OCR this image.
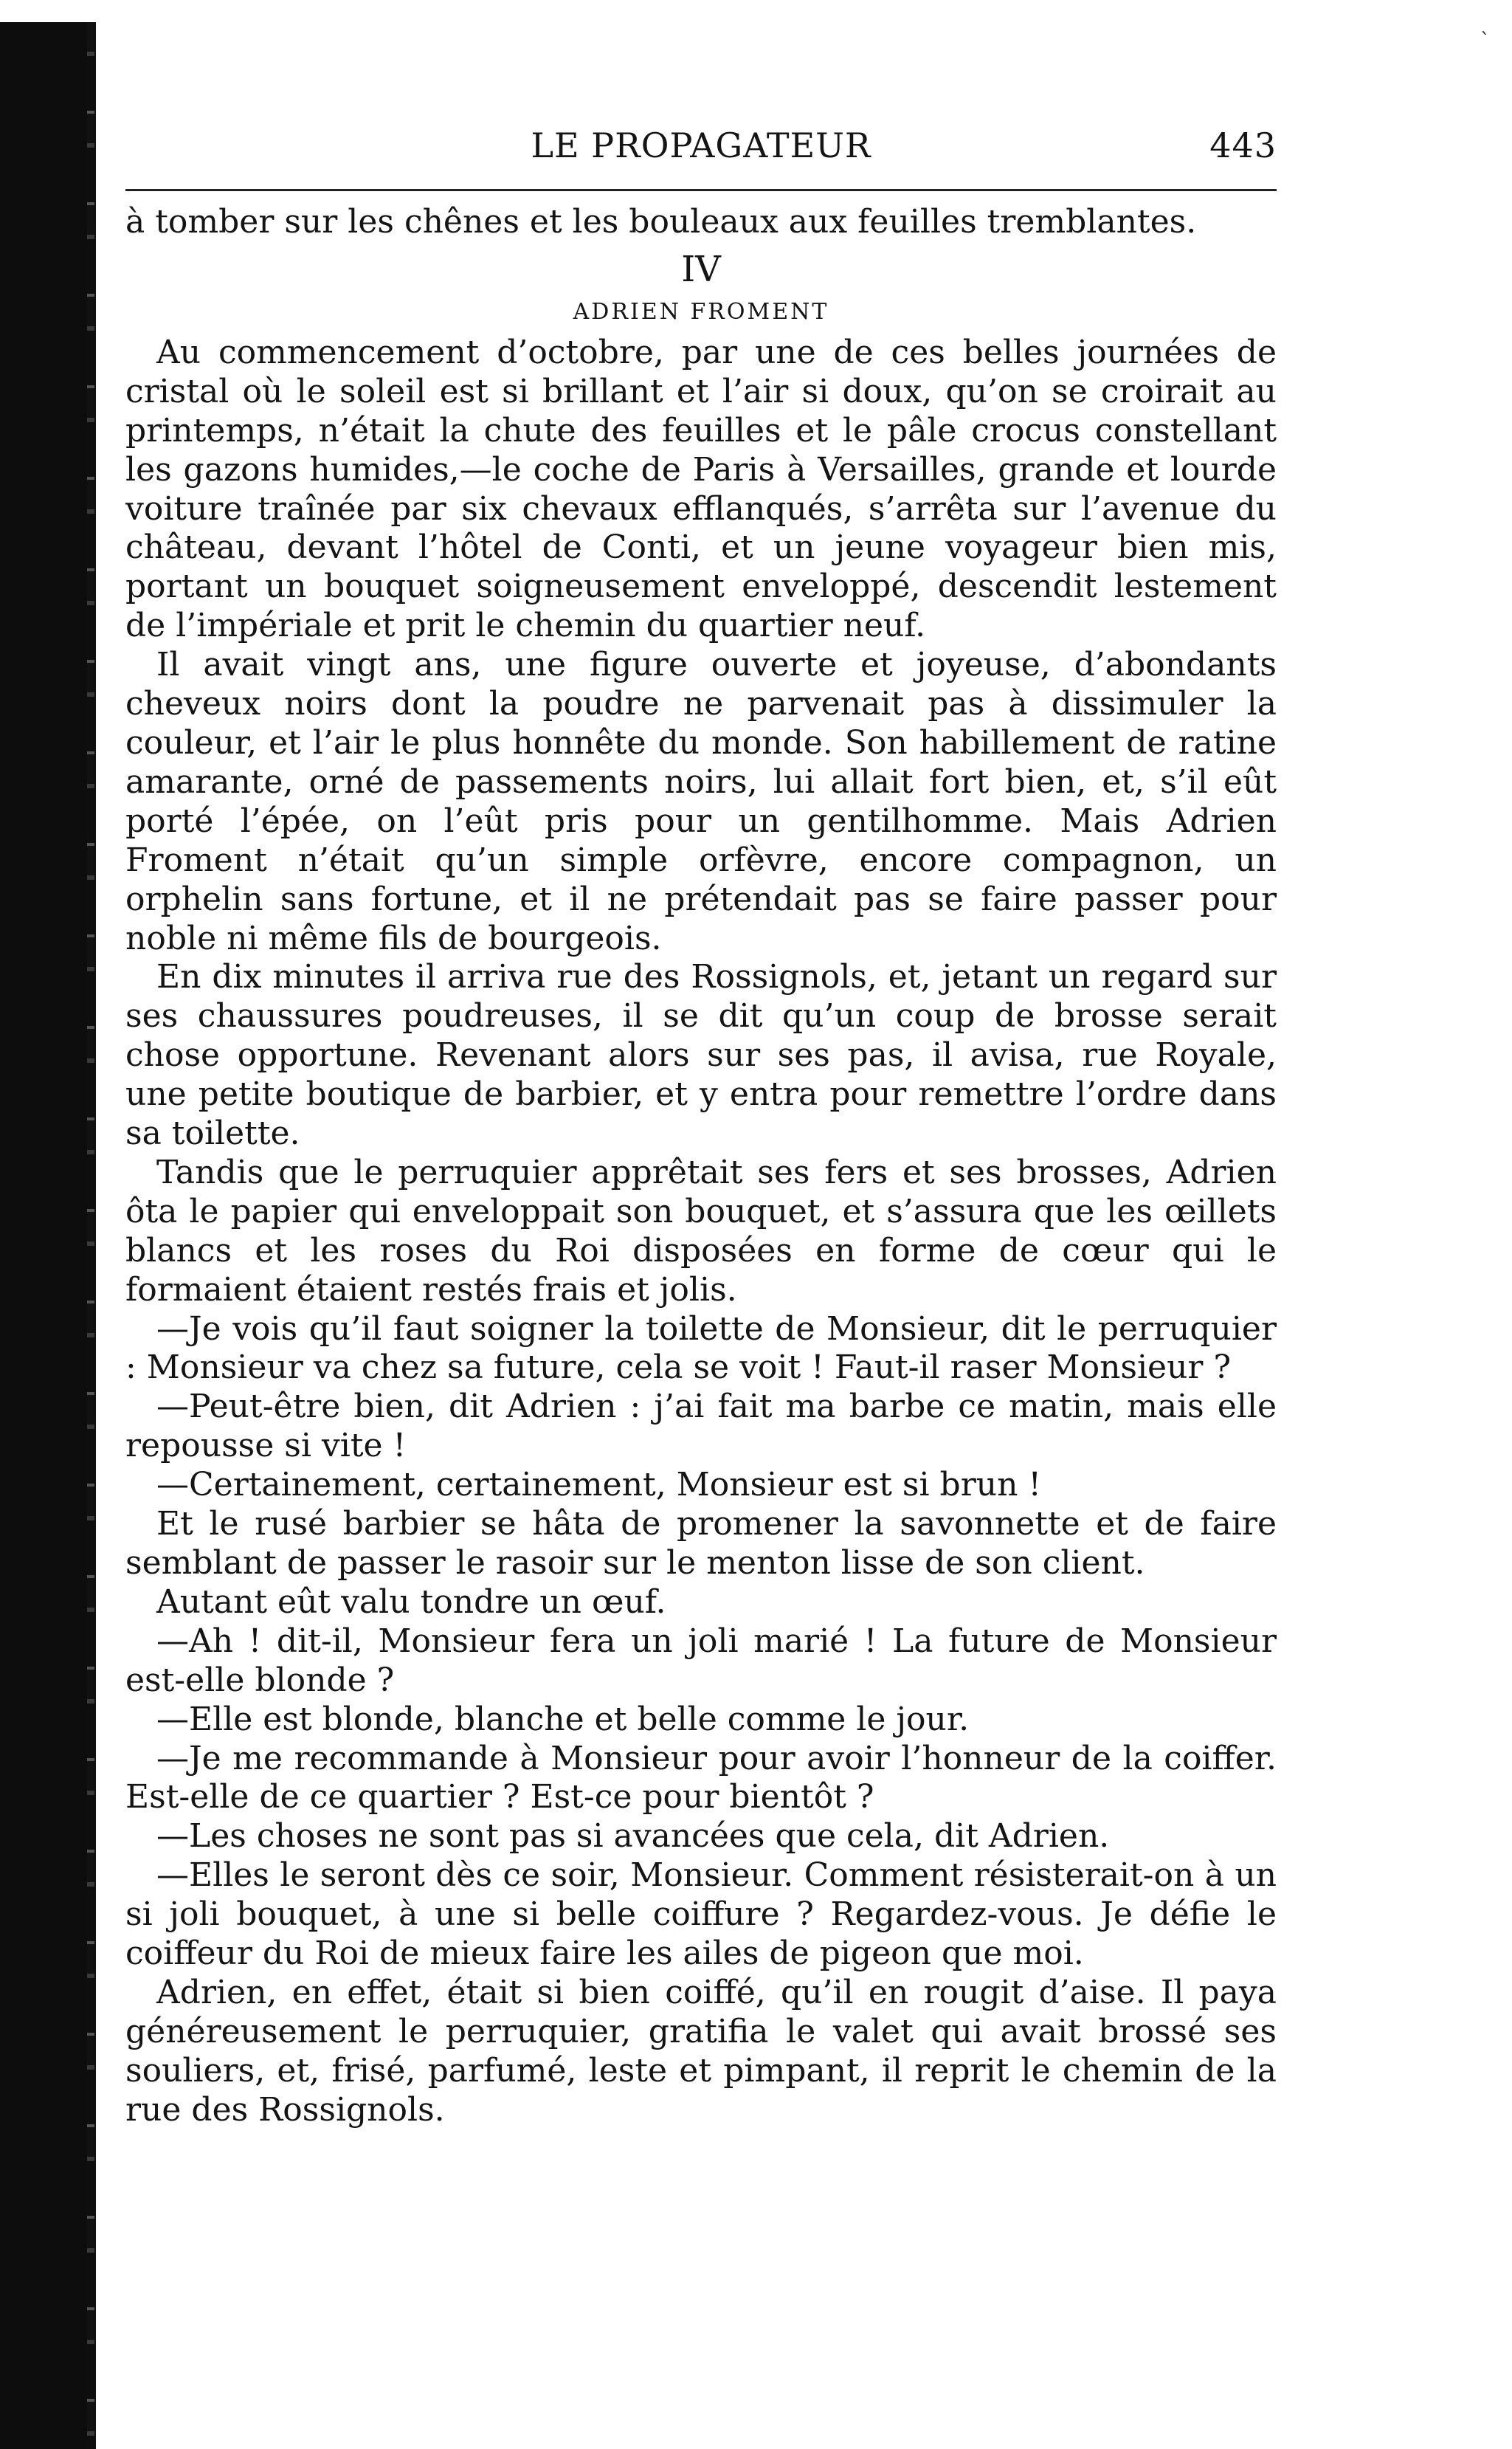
ˋ
LE PROPAGATEUR	443

à tomber sur les chênes et les bouleaux aux feuilles tremblantes.

IV
ADRIEN FROMENT

Au commencement d’octobre, par une de ces belles journées de cristal où le soleil est si brillant et l’air si doux, qu’on se croirait au printemps, n’était la chute des feuilles et le pâle crocus constellant les gazons humides,—le coche de Paris à Versailles, grande et lourde voiture traînée par six chevaux efflanqués, s’arrêta sur l’avenue du château, devant l’hôtel de Conti, et un jeune voyageur bien mis, portant un bouquet soigneusement enveloppé, descendit lestement de l’impériale et prit le chemin du quartier neuf.

Il avait vingt ans, une figure ouverte et joyeuse, d’abondants cheveux noirs dont la poudre ne parvenait pas à dissimuler la couleur, et l’air le plus honnête du monde. Son habillement de ratine amarante, orné de passements noirs, lui allait fort bien, et, s’il eût porté l’épée, on l’eût pris pour un gentilhomme. Mais Adrien Froment n’était qu’un simple orfèvre, encore compagnon, un orphelin sans fortune, et il ne prétendait pas se faire passer pour noble ni même fils de bourgeois.

En dix minutes il arriva rue des Rossignols, et, jetant un regard sur ses chaussures poudreuses, il se dit qu’un coup de brosse serait chose opportune. Revenant alors sur ses pas, il avisa, rue Royale, une petite boutique de barbier, et y entra pour remettre l’ordre dans sa toilette.

Tandis que le perruquier apprêtait ses fers et ses brosses, Adrien ôta le papier qui enveloppait son bouquet, et s’assura que les œillets blancs et les roses du Roi disposées en forme de cœur qui le formaient étaient restés frais et jolis.

—Je vois qu’il faut soigner la toilette de Monsieur, dit le perruquier : Monsieur va chez sa future, cela se voit ! Faut-il raser Monsieur ?

—Peut-être bien, dit Adrien : j’ai fait ma barbe ce matin, mais elle repousse si vite !

—Certainement, certainement, Monsieur est si brun !

Et le rusé barbier se hâta de promener la savonnette et de faire semblant de passer le rasoir sur le menton lisse de son client.

Autant eût valu tondre un œuf.

—Ah ! dit-il, Monsieur fera un joli marié ! La future de Monsieur est-elle blonde ?

—Elle est blonde, blanche et belle comme le jour.

—Je me recommande à Monsieur pour avoir l’honneur de la coiffer. Est-elle de ce quartier ? Est-ce pour bientôt ?

—Les choses ne sont pas si avancées que cela, dit Adrien.

—Elles le seront dès ce soir, Monsieur. Comment résisterait-on à un si joli bouquet, à une si belle coiffure ? Regardez-vous. Je défie le coiffeur du Roi de mieux faire les ailes de pigeon que moi.

Adrien, en effet, était si bien coiffé, qu’il en rougit d’aise. Il paya généreusement le perruquier, gratifia le valet qui avait brossé ses souliers, et, frisé, parfumé, leste et pimpant, il reprit le chemin de la rue des Rossignols.
